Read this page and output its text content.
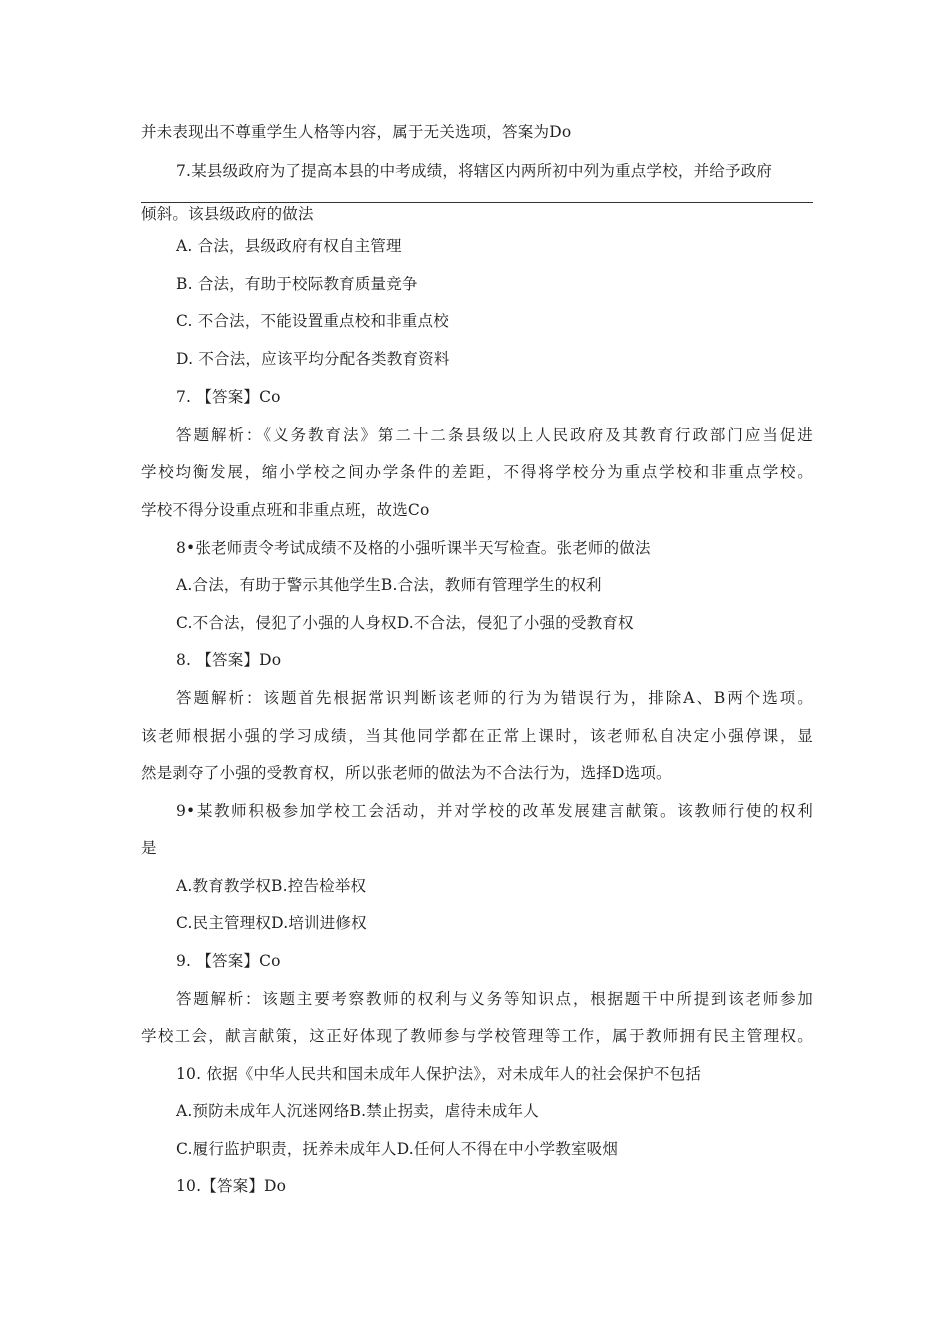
并未表现出不尊重学生人格等内容，属于无关选项，答案为Do
7.某县级政府为了提高本县的中考成绩，将辖区内两所初中列为重点学校，并给予政府
倾斜。该县级政府的做法
A. 合法，县级政府有权自主管理
B. 合法，有助于校际教育质量竞争
C. 不合法，不能设置重点校和非重点校
D. 不合法，应该平均分配各类教育资料
7. 【答案】Co
答题解析：《义务教育法》第二十二条县级以上人民政府及其教育行政部门应当促进
学校均衡发展，缩小学校之间办学条件的差距，不得将学校分为重点学校和非重点学校。
学校不得分设重点班和非重点班，故选Co
8•张老师责令考试成绩不及格的小强听课半天写检查。张老师的做法
A.合法，有助于警示其他学生B.合法，教师有管理学生的权利
C.不合法，侵犯了小强的人身权D.不合法，侵犯了小强的受教育权
8. 【答案】Do
答题解析：该题首先根据常识判断该老师的行为为错误行为，排除A、B两个选项。
该老师根据小强的学习成绩，当其他同学都在正常上课时，该老师私自决定小强停课，显
然是剥夺了小强的受教育权，所以张老师的做法为不合法行为，选择D选项。
9•某教师积极参加学校工会活动，并对学校的改革发展建言献策。该教师行使的权利
是
A.教育教学权B.控告检举权
C.民主管理权D.培训进修权
9. 【答案】Co
答题解析：该题主要考察教师的权利与义务等知识点，根据题干中所提到该老师参加
学校工会，献言献策，这正好体现了教师参与学校管理等工作，属于教师拥有民主管理权。
10. 依据《中华人民共和国未成年人保护法》，对未成年人的社会保护不包括
A.预防未成年人沉迷网络B.禁止拐卖，虐待未成年人
C.履行监护职责，抚养未成年人D.任何人不得在中小学教室吸烟
10.【答案】Do
